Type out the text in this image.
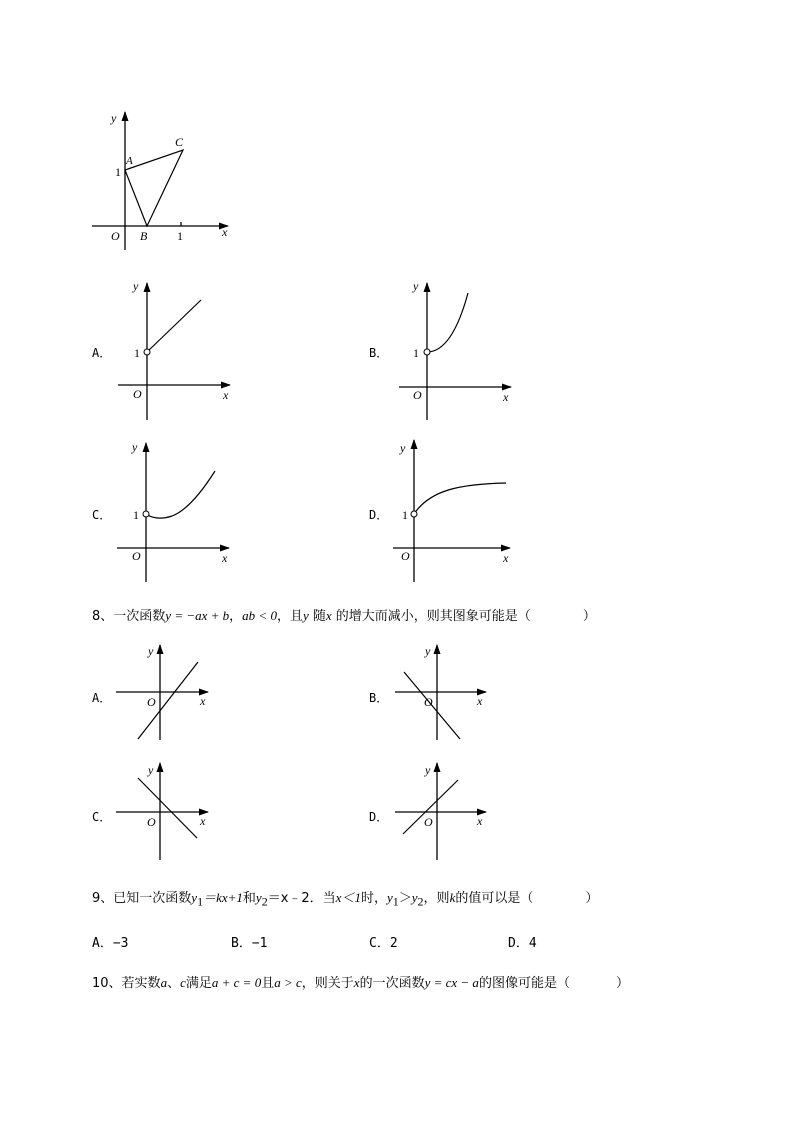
y
x
O
A
B
C
1
1
A．
y
x
O
1	B．
y
x
O
1
C．
y
x
O
1	D．
y
x
O
1
8、一次函数y = −ax + b，ab < 0，且y 随x 的增大而减小，则其图象可能是（	）
A．
y
x
O	B．
y
x
O
C．
y
x
O	D．
y
x
O
9、已知一次函数$y_1=kx+1$和$y_2=x﹣2$．当x＜1时，$y_1>y_2$，则k的值可以是（	）
A．−3	B．−1	C．2	D．4
10、若实数a、c满足a + c = 0且a > c，则关于x的一次函数y = cx − a的图像可能是（	）
